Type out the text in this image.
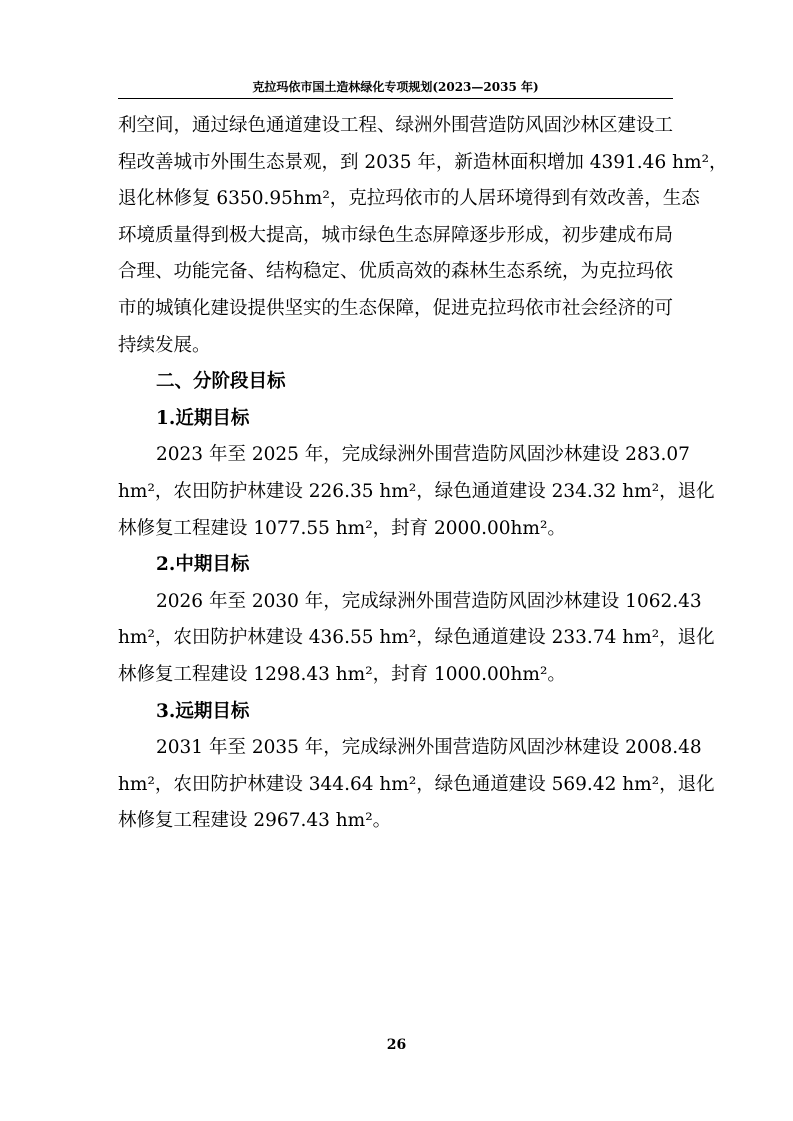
克拉玛依市国土造林绿化专项规划(2023—2035 年)
利空间，通过绿色通道建设工程、绿洲外围营造防风固沙林区建设工
程改善城市外围生态景观，到 2035 年，新造林面积增加 4391.46 hm²，
退化林修复 6350.95hm²，克拉玛依市的人居环境得到有效改善，生态
环境质量得到极大提高，城市绿色生态屏障逐步形成，初步建成布局
合理、功能完备、结构稳定、优质高效的森林生态系统，为克拉玛依
市的城镇化建设提供坚实的生态保障，促进克拉玛依市社会经济的可
持续发展。
二、分阶段目标
1.近期目标
2023 年至 2025 年，完成绿洲外围营造防风固沙林建设 283.07
hm²，农田防护林建设 226.35 hm²，绿色通道建设 234.32 hm²，退化
林修复工程建设 1077.55 hm²，封育 2000.00hm²。
2.中期目标
2026 年至 2030 年，完成绿洲外围营造防风固沙林建设 1062.43
hm²，农田防护林建设 436.55 hm²，绿色通道建设 233.74 hm²，退化
林修复工程建设 1298.43 hm²，封育 1000.00hm²。
3.远期目标
2031 年至 2035 年，完成绿洲外围营造防风固沙林建设 2008.48
hm²，农田防护林建设 344.64 hm²，绿色通道建设 569.42 hm²，退化
林修复工程建设 2967.43 hm²。
26
